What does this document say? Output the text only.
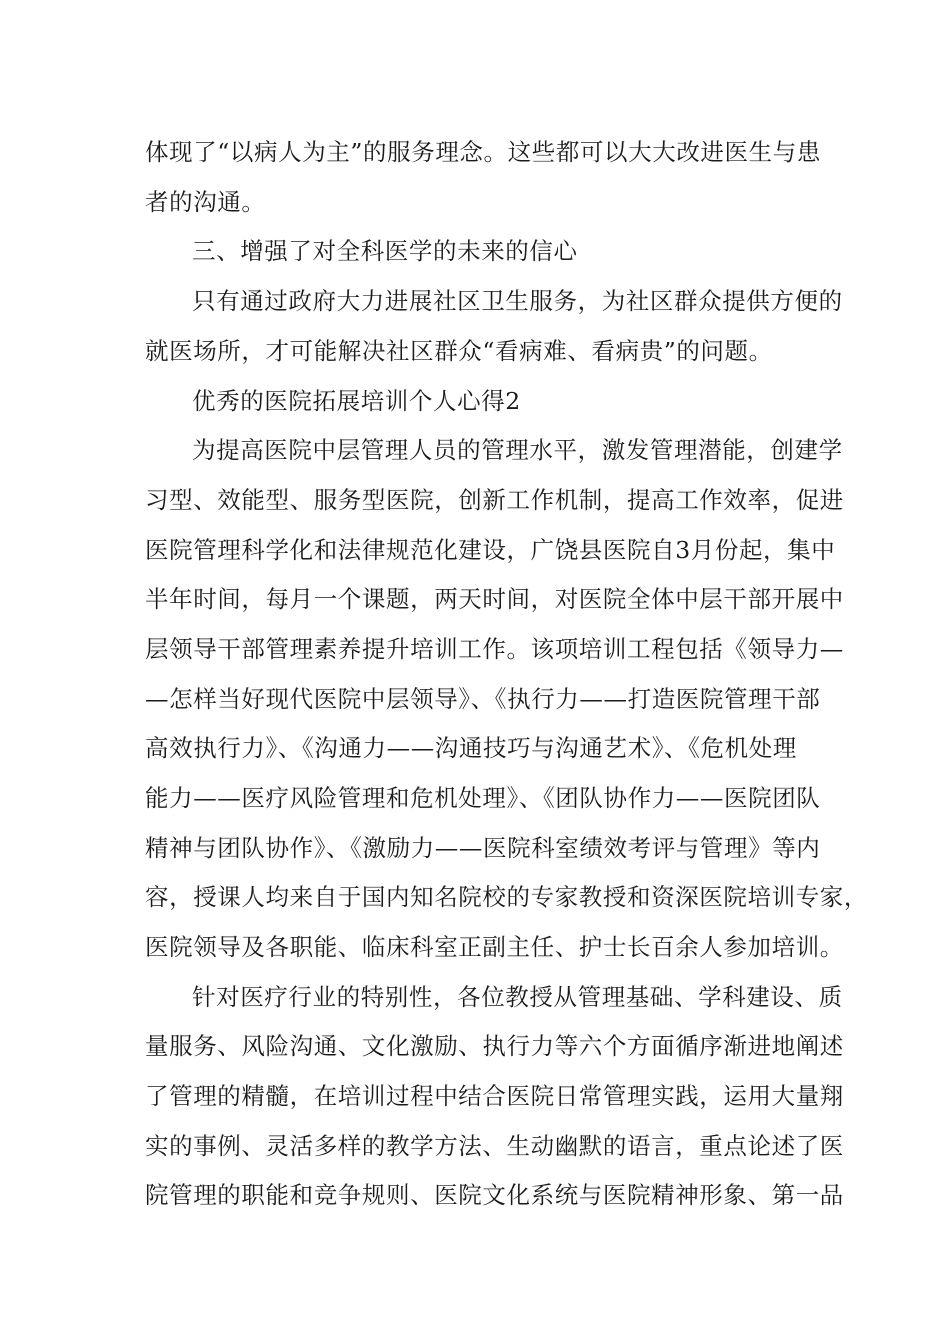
体现了“以病人为主”的服务理念。这些都可以大大改进医生与患
者的沟通。
三、增强了对全科医学的未来的信心
只有通过政府大力进展社区卫生服务，为社区群众提供方便的
就医场所，才可能解决社区群众“看病难、看病贵”的问题。
优秀的医院拓展培训个人心得2
为提高医院中层管理人员的管理水平，激发管理潜能，创建学
习型、效能型、服务型医院，创新工作机制，提高工作效率，促进
医院管理科学化和法律规范化建设，广饶县医院自3月份起，集中
半年时间，每月一个课题，两天时间，对医院全体中层干部开展中
层领导干部管理素养提升培训工作。该项培训工程包括《领导力—
—怎样当好现代医院中层领导》、《执行力——打造医院管理干部
高效执行力》、《沟通力——沟通技巧与沟通艺术》、《危机处理
能力——医疗风险管理和危机处理》、《团队协作力——医院团队
精神与团队协作》、《激励力——医院科室绩效考评与管理》等内
容，授课人均来自于国内知名院校的专家教授和资深医院培训专家，
医院领导及各职能、临床科室正副主任、护士长百余人参加培训。
针对医疗行业的特别性，各位教授从管理基础、学科建设、质
量服务、风险沟通、文化激励、执行力等六个方面循序渐进地阐述
了管理的精髓，在培训过程中结合医院日常管理实践，运用大量翔
实的事例、灵活多样的教学方法、生动幽默的语言，重点论述了医
院管理的职能和竞争规则、医院文化系统与医院精神形象、第一品
